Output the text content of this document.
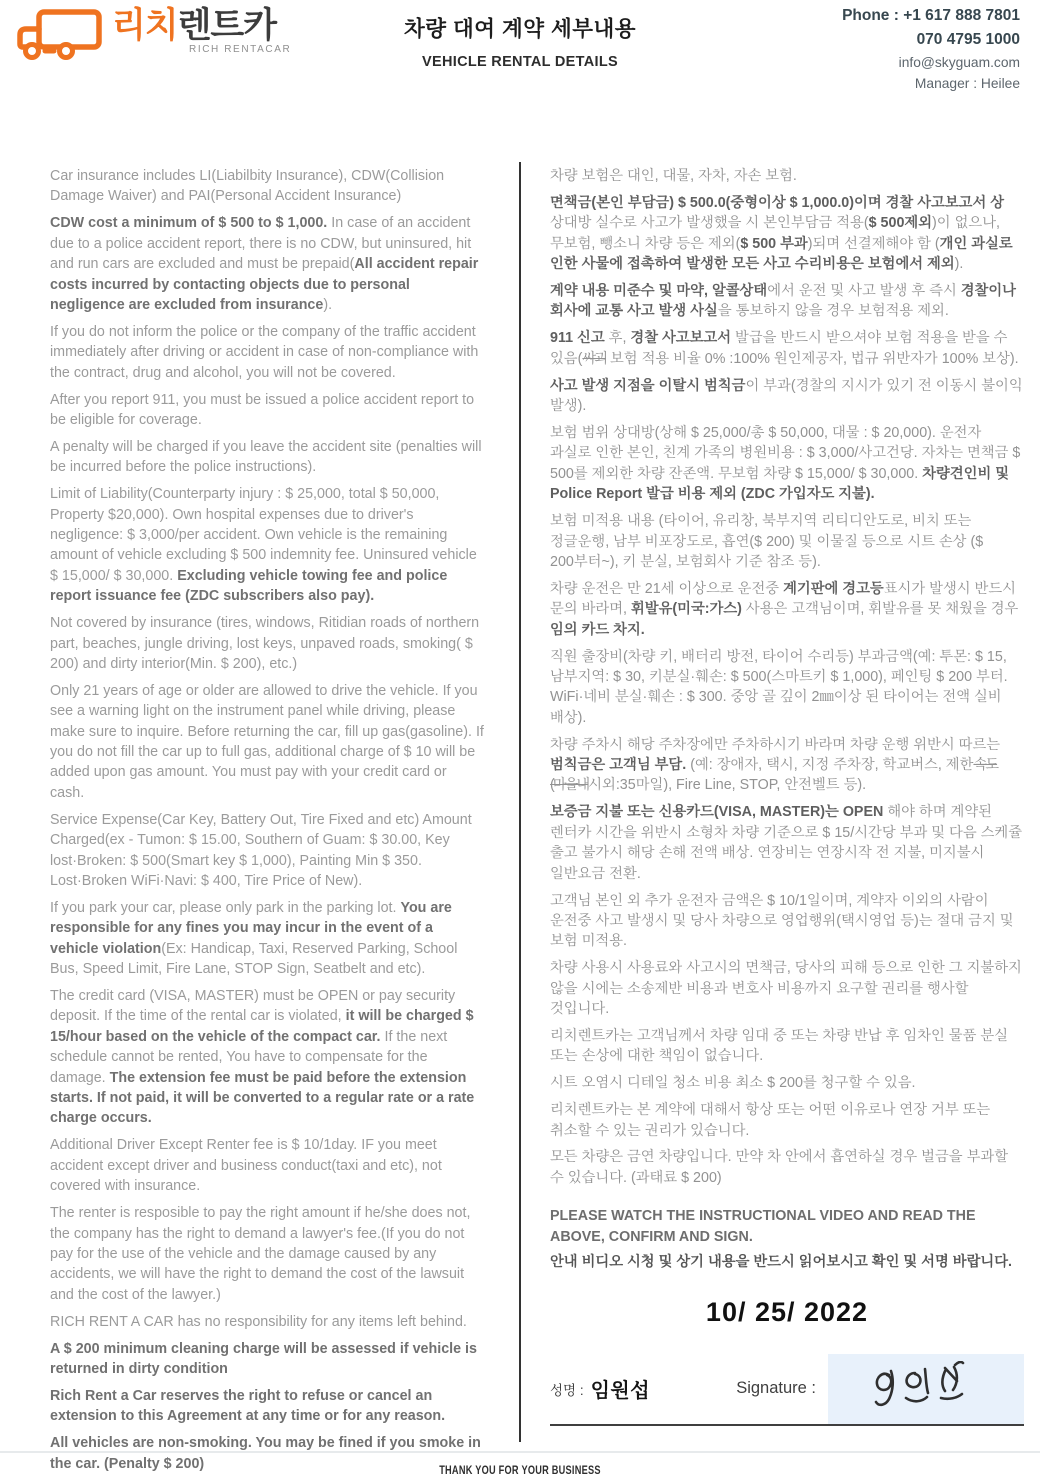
리치렌트카
RICH RENTACAR
차량 대여 계약 세부내용
VEHICLE RENTAL DETAILS
Phone : +1 617 888 7801
070 4795 1000
info@skyguam.com
Manager : Heilee

Car insurance includes LI(Liabilbity Insurance), CDW(Collision Damage Waiver) and PAI(Personal Accident Insurance)

CDW cost a minimum of $ 500 to $ 1,000. In case of an accident due to a police accident report, there is no CDW, but uninsured, hit and run cars are excluded and must be prepaid(All accident repair costs incurred by contacting objects due to personal negligence are excluded from insurance).

If you do not inform the police or the company of the traffic accident immediately after driving or accident in case of non-compliance with the contract, drug and alcohol, you will not be covered.

After you report 911, you must be issued a police accident report to be eligible for coverage.

A penalty will be charged if you leave the accident site (penalties will be incurred before the police instructions).

Limit of Liability(Counterparty injury : $ 25,000, total $ 50,000, Property $20,000). Own hospital expenses due to driver's negligence: $ 3,000/per accident. Own vehicle is the remaining amount of vehicle excluding $ 500 indemnity fee. Uninsured vehicle $ 15,000/ $ 30,000. Excluding vehicle towing fee and police report issuance fee (ZDC subscribers also pay).

Not covered by insurance (tires, windows, Ritidian roads of northern part, beaches, jungle driving, lost keys, unpaved roads, smoking( $ 200) and dirty interior(Min. $ 200), etc.)

Only 21 years of age or older are allowed to drive the vehicle. If you see a warning light on the instrument panel while driving, please make sure to inquire. Before returning the car, fill up gas(gasoline). If you do not fill the car up to full gas, additional charge of $ 10 will be added upon gas amount. You must pay with your credit card or cash.

Service Expense(Car Key, Battery Out, Tire Fixed and etc) Amount Charged(ex - Tumon: $ 15.00, Southern of Guam: $ 30.00, Key lost·Broken: $ 500(Smart key $ 1,000), Painting Min $ 350. Lost·Broken WiFi·Navi: $ 400, Tire Price of New).

If you park your car, please only park in the parking lot. You are responsible for any fines you may incur in the event of a vehicle violation(Ex: Handicap, Taxi, Reserved Parking, School Bus, Speed Limit, Fire Lane, STOP Sign, Seatbelt and etc).

The credit card (VISA, MASTER) must be OPEN or pay security deposit. If the time of the rental car is violated, it will be charged $ 15/hour based on the vehicle of the compact car. If the next schedule cannot be rented, You have to compensate for the damage. The extension fee must be paid before the extension starts. If not paid, it will be converted to a regular rate or a rate charge occurs.

Additional Driver Except Renter fee is $ 10/1day. IF you meet accident except driver and business conduct(taxi and etc), not covered with insurance.

The renter is resposible to pay the right amount if he/she does not, the company has the right to demand a lawyer's fee.(If you do not pay for the use of the vehicle and the damage caused by any accidents, we will have the right to demand the cost of the lawsuit and the cost of the lawyer.)

RICH RENT A CAR has no responsibility for any items left behind.

A $ 200 minimum cleaning charge will be assessed if vehicle is returned in dirty condition

Rich Rent a Car reserves the right to refuse or cancel an extension to this Agreement at any time or for any reason.

All vehicles are non-smoking. You may be fined if you smoke in the car. (Penalty $ 200)

차량 보험은 대인, 대물, 자차, 자손 보험.

면책금(본인 부담금) $ 500.0(중형이상 $ 1,000.0)이며 경찰 사고보고서 상 상대방 실수로 사고가 발생했을 시 본인부담금 적용($ 500제외)이 없으나, 무보험, 뺑소니 차량 등은 제외($ 500 부과)되며 선결제해야 함 (개인 과실로 인한 사물에 접촉하여 발생한 모든 사고 수리비용은 보험에서 제외).

계약 내용 미준수 및 마약, 알콜상태에서 운전 및 사고 발생 후 즉시 경찰이나 회사에 교통 사고 발생 사실을 통보하지 않을 경우 보험적용 제외.

911 신고 후, 경찰 사고보고서 발급을 반드시 받으셔야 보험 적용을 받을 수 있음(쌰괴 보험 적용 비율 0% :100% 원인제공자, 법규 위반자가 100% 보상).

사고 발생 지점을 이탈시 범칙금이 부과(경찰의 지시가 있기 전 이동시 불이익 발생).

보험 범위 상대방(상해 $ 25,000/총 $ 50,000, 대물 : $ 20,000). 운전자 과실로 인한 본인, 친계 가족의 병원비용 : $ 3,000/사고건당. 자차는 면책금 $ 500를 제외한 차량 잔존액. 무보험 차량 $ 15,000/ $ 30,000. 차량견인비 및 Police Report 발급 비용 제외 (ZDC 가입자도 지불).

보험 미적용 내용 (타이어, 유리창, 북부지역 리티디안도로, 비치 또는 정글운행, 남부 비포장도로, 흡연($ 200) 및 이물질 등으로 시트 손상 ($ 200부터~), 키 분실, 보험회사 기준 참조 등).

차량 운전은 만 21세 이상으로 운전중 계기판에 경고등표시가 발생시 반드시 문의 바라며, 휘발유(미국:가스) 사용은 고객님이며, 휘발유를 못 채웠을 경우 임의 카드 차지.

직원 출장비(차량 키, 배터리 방전, 타이어 수리등) 부과금액(예: 투몬: $ 15, 남부지역: $ 30, 키분실·훼손: $ 500(스마트키 $ 1,000), 페인팅 $ 200 부터. WiFi·네비 분실·훼손 : $ 300. 중앙 골 깊이 2㎜이상 된 타이어는 전액 실비 배상).

차량 주차시 해당 주차장에만 주차하시기 바라며 차량 운행 위반시 따르는 범칙금은 고객님 부담. (예: 장애자, 택시, 지정 주차장, 학교버스, 제한속도(마을내시외:35마일), Fire Line, STOP, 안전벨트 등).

보증금 지불 또는 신용카드(VISA, MASTER)는 OPEN 해야 하며 계약된 렌터카 시간을 위반시 소형차 차량 기준으로 $ 15/시간당 부과 및 다음 스케쥴 출고 불가시 해당 손해 전액 배상. 연장비는 연장시작 전 지불, 미지불시 일반요금 전환.

고객님 본인 외 추가 운전자 금액은 $ 10/1일이며, 계약자 이외의 사람이 운전중 사고 발생시 및 당사 차량으로 영업행위(택시영업 등)는 절대 금지 및 보험 미적용.

차량 사용시 사용료와 사고시의 면책금, 당사의 피해 등으로 인한 그 지불하지 않을 시에는 소송제반 비용과 변호사 비용까지 요구할 권리를 행사할 것입니다.

리치렌트카는 고객님께서 차량 임대 중 또는 차량 반납 후 임차인 물품 분실 또는 손상에 대한 책임이 없습니다.

시트 오염시 디테일 청소 비용 최소 $ 200를 청구할 수 있음.

리치렌트카는 본 계약에 대해서 항상 또는 어떤 이유로나 연장 거부 또는 취소할 수 있는 권리가 있습니다.

모든 차량은 금연 차량입니다. 만약 차 안에서 흡연하실 경우 벌금을 부과할 수 있습니다. (과태료 $ 200)

PLEASE WATCH THE INSTRUCTIONAL VIDEO AND READ THE ABOVE, CONFIRM AND SIGN.
안내 비디오 시청 및 상기 내용을 반드시 읽어보시고 확인 및 서명 바랍니다.
10/ 25/ 2022
성명 : 임원섭	Signature :
THANK YOU FOR YOUR BUSINESS
